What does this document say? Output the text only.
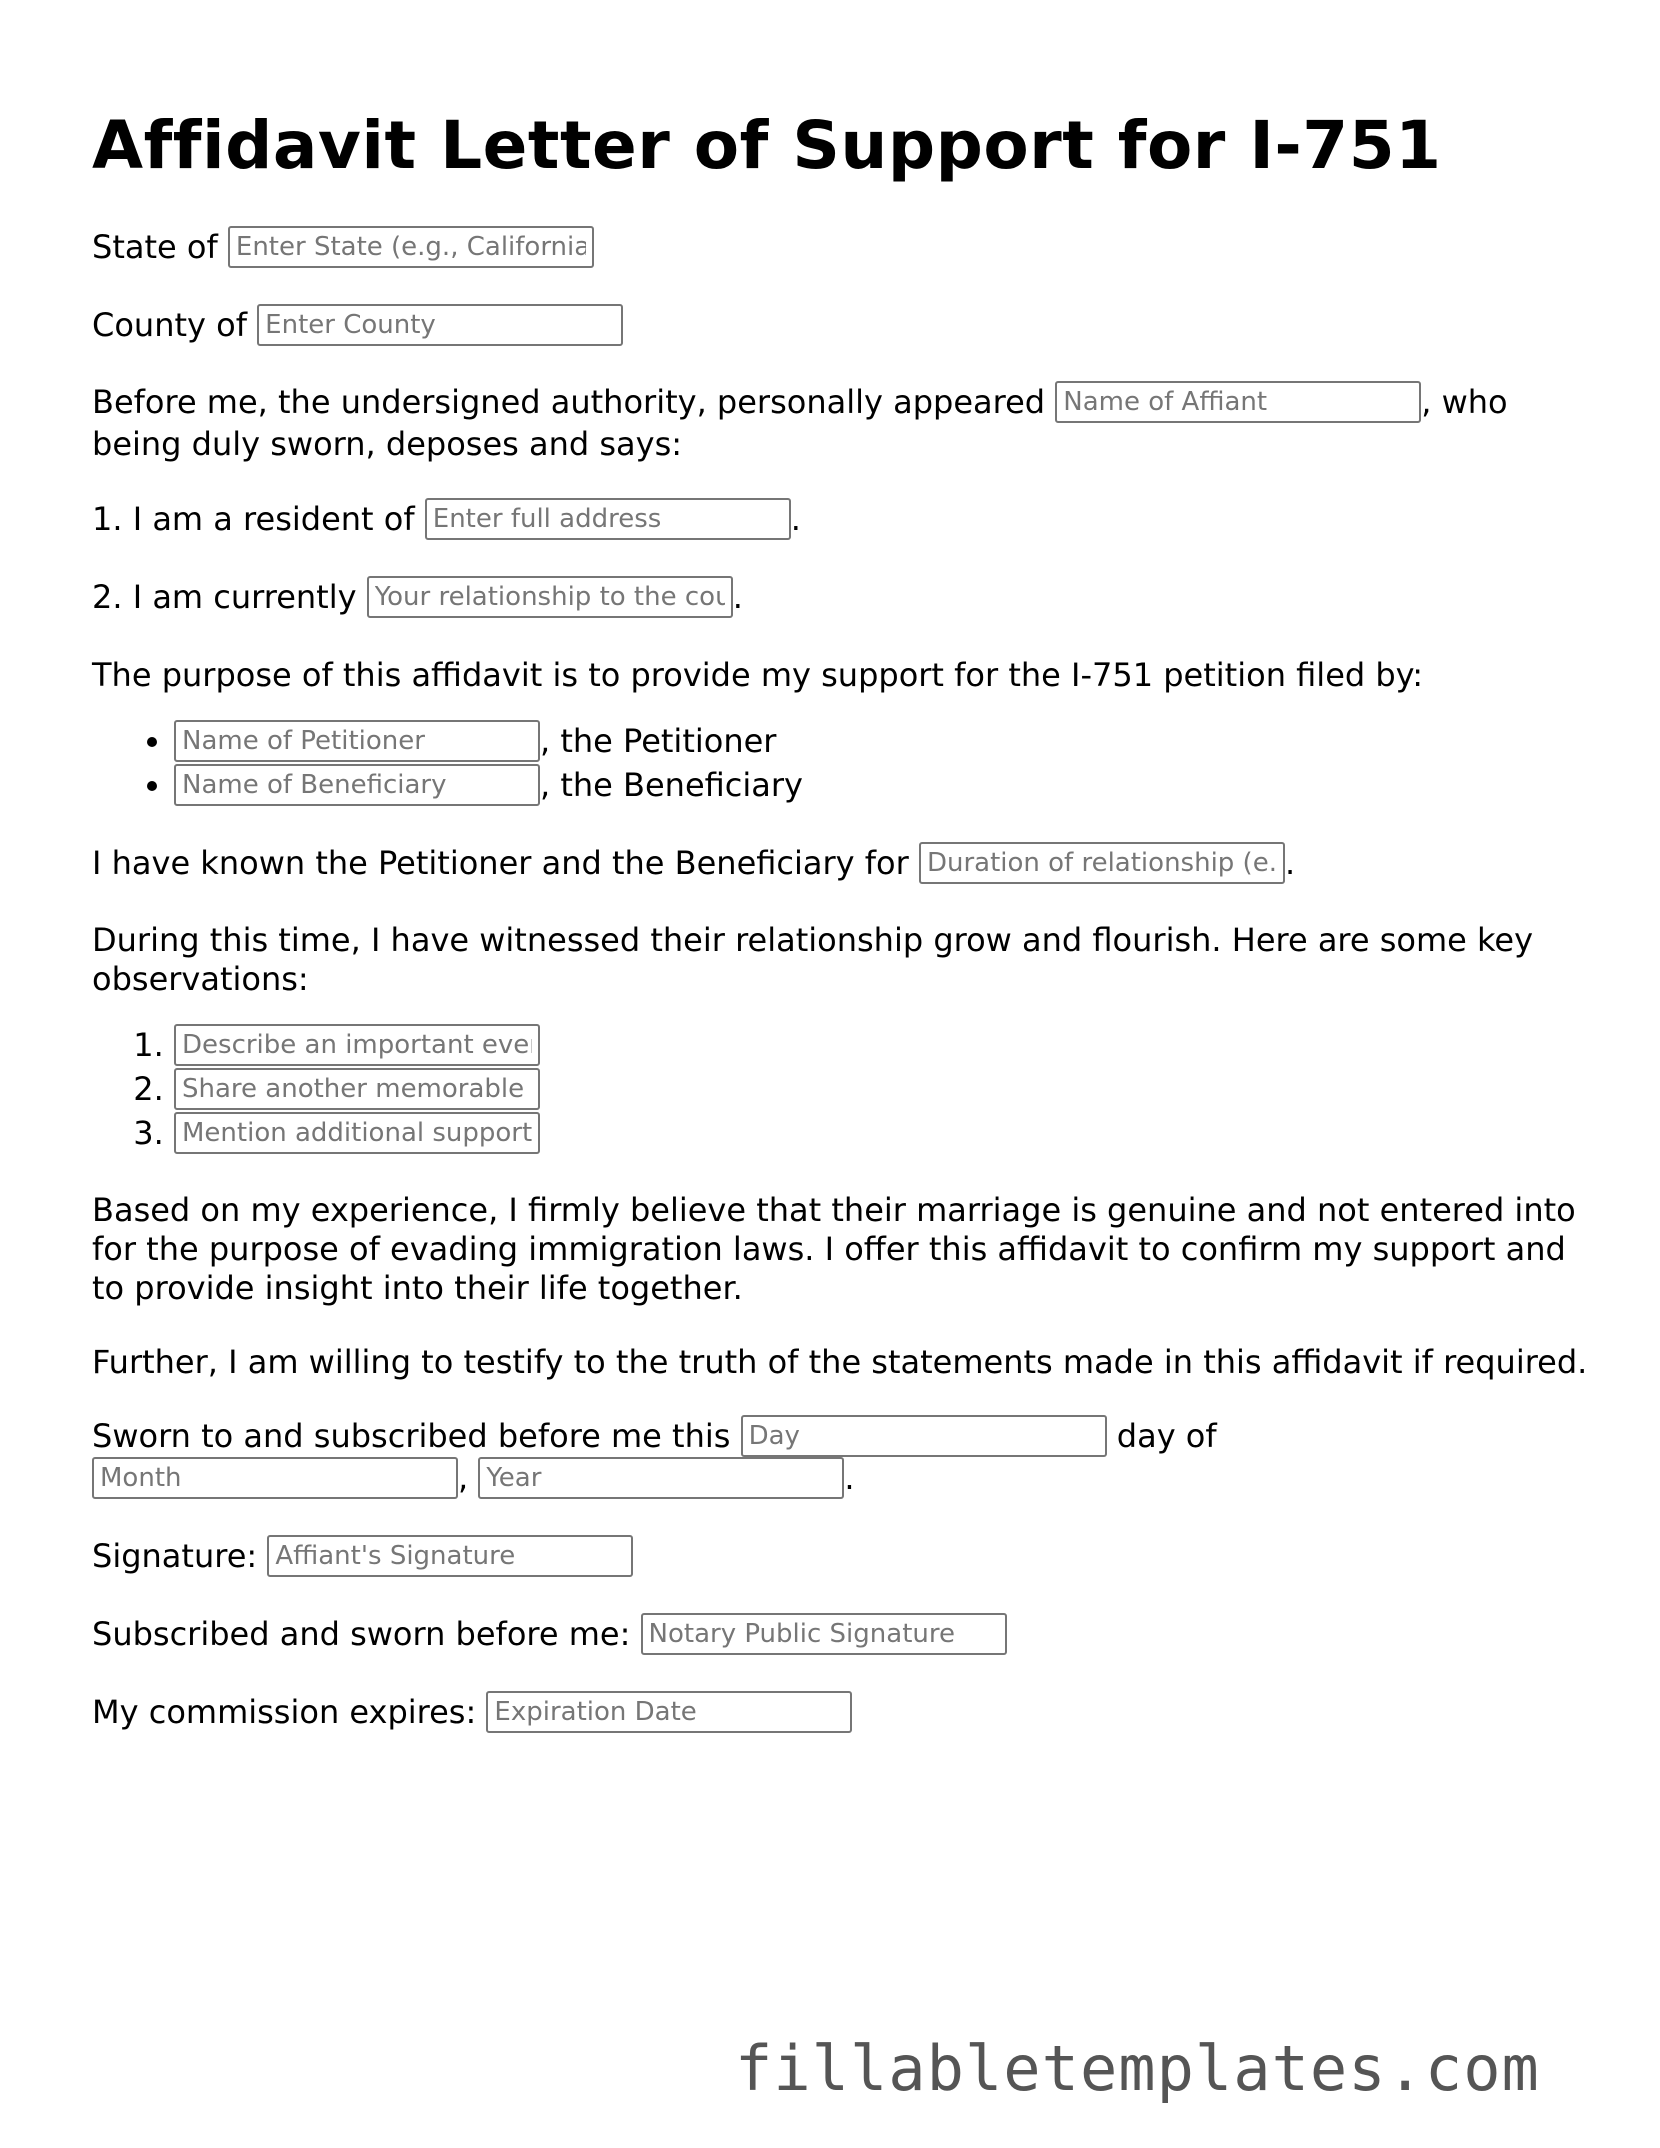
Affidavit Letter of Support for I-751

State of Enter State (e.g., California)

County of Enter County

Before me, the undersigned authority, personally appeared Name of Affiant	, who being duly sworn, deposes and says:

1. I am a resident of Enter full address	.

2. I am currently Your relationship to the couple	.

The purpose of this affidavit is to provide my support for the I-751 petition filed by:

Name of Petitioner • , the Petitioner
Name of Beneficiary • , the Beneficiary

I have known the Petitioner and the Beneficiary for Duration of relationship (e.g., 5 years)	.

During this time, I have witnessed their relationship grow and flourish. Here are some key observations:

1. Describe an important event
2. Share another memorable moment
3. Mention additional support

Based on my experience, I firmly believe that their marriage is genuine and not entered into for the purpose of evading immigration laws. I offer this affidavit to confirm my support and to provide insight into their life together.

Further, I am willing to testify to the truth of the statements made in this affidavit if required.

Sworn to and subscribed before me this Day	day of Month, Year	.

Signature: Affiant's Signature

Subscribed and sworn before me: Notary Public Signature

My commission expires: Expiration Date

fillabletemplates.com
